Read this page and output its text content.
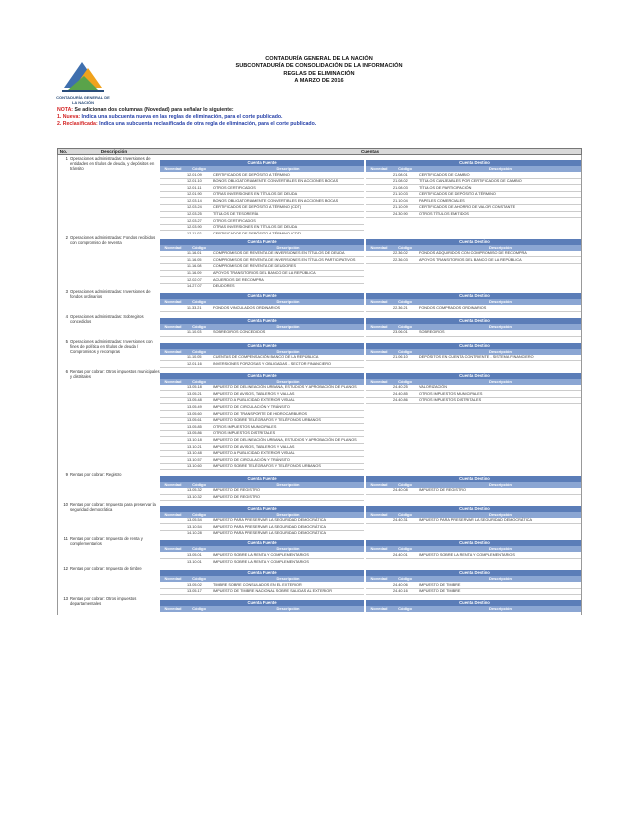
CONTADURÍA GENERAL DE LA NACIÓN
CONTADURÍA GENERAL DE LA NACIÓN
SUBCONTADURÍA DE CONSOLIDACIÓN DE LA INFORMACIÓN
REGLAS DE ELIMINACIÓN
A MARZO DE 2016
NOTA: Se adicionan dos columnas (Novedad) para señalar lo siguiente:
1. Nueva: Indica una subcuenta nueva en las reglas de eliminación, para el corte publicado.
2. Reclasificada: Indica una subcuenta reclasificada de otra regla de eliminación, para el corte publicado.
No.	Descripción	Cuentas
1 Operaciones administradas: Inversiones de entidades en títulos de deuda, y depósitos en tránsito
Cuenta Fuente
Novedad	Código	Descripción
12.01.09	CERTIFICADOS DE DEPÓSITO A TÉRMINO
12.01.10	BONOS OBLIGATORIAMENTE CONVERTIBLES EN ACCIONES BOCAS
12.01.11	OTROS CERTIFICADOS
12.01.90	OTRAS INVERSIONES EN TÍTULOS DE DEUDA
12.03.14	BONOS OBLIGATORIAMENTE CONVERTIBLES EN ACCIONES BOCAS
12.03.24	CERTIFICADOS DE DEPÓSITO A TÉRMINO (CDT)
12.03.25	TÍTULOS DE TESORERÍA
12.03.27	OTROS CERTIFICADOS
12.03.90	OTRAS INVERSIONES EN TÍTULOS DE DEUDA
Cuenta Destino
Novedad	Código	Descripción
21.08.01	CERTIFICADOS DE CAMBIO
21.08.02	TÍTULOS CANJEABLES POR CERTIFICADOS DE CAMBIO
21.08.03	TÍTULOS DE PARTICIPACIÓN
21.10.03	CERTIFICADOS DE DEPÓSITO A TÉRMINO
21.10.04	PAPELES COMERCIALES
21.10.09	CERTIFICADOS DE AHORRO DE VALOR CONSTANTE
24.30.90	OTROS TÍTULOS EMITIDOS
2 Operaciones administradas: Fondos recibidos con compromiso de reventa	Cuenta Fuente
Novedad	Código	Descripción
11.16.01	COMPROMISOS DE REVENTA DE INVERSIONES EN TÍTULOS DE DEUDA
11.16.05	COMPROMISOS DE REVENTA DE INVERSIONES EN TÍTULOS PARTICIPATIVOS
11.16.08	COMPROMISOS DE REVENTA DE DEUDORES
11.16.09	APOYOS TRANSITORIOS DEL BANCO DE LA REPÚBLICA
12.02.07	ACUERDOS DE RECOMPRA
14.27.07	DEUDORES
Cuenta Destino
Novedad	Código	Descripción
22.36.02	FONDOS ADQUIRIDOS CON COMPROMISO DE RECOMPRA
22.36.03	APOYOS TRANSITORIOS DEL BANCO DE LA REPÚBLICA
3 Operaciones administradas: Inversiones de fondos ordinarios	Cuenta Fuente
Novedad	Código	Descripción
11.33.21	FONDOS VINCULADOS ORDINARIOS
Cuenta Destino
Novedad	Código	Descripción
22.36.21	FONDOS COMPRADOS ORDINARIOS
4 Operaciones administradas: Sobregiros concedidos	Cuenta Fuente
Novedad	Código	Descripción
11.10.03	SOBREGIROS CONCEDIDOS
Cuenta Destino
Novedad	Código	Descripción
23.06.01	SOBREGIROS
5 Operaciones administradas: Inversiones con fines de política en títulos de deuda / Compromisos y recompras
Cuenta Fuente
Novedad	Código	Descripción
11.10.05	CUENTAS DE COMPENSACIÓN BANCO DE LA REPÚBLICA
12.01.16	INVERSIONES FORZOSAS Y OBLIGADAS - SECTOR FINANCIERO
Cuenta Destino
Novedad	Código	Descripción
21.06.10	DEPÓSITOS EN CUENTA CONTRIENTE - SISTEMA FINANCIERO
6 Rentas por cobrar: Otros impuestos municipales y distritales	Cuenta Fuente
Novedad	Código	Descripción
13.05.18	IMPUESTO DE DELINEACIÓN URBANA, ESTUDIOS Y APROBACIÓN DE PLANOS
13.05.21	IMPUESTO DE AVISOS, TABLEROS Y VALLAS
13.05.48	IMPUESTO A PUBLICIDAD EXTERIOR VISUAL
13.05.49	IMPUESTO DE CIRCULACIÓN Y TRÁNSITO
13.05.60	IMPUESTO DE TRANSPORTE DE HIDROCARBUROS
13.05.61	IMPUESTO SOBRE TELÉGRAFOS Y TELÉFONOS URBANOS
13.05.85	OTROS IMPUESTOS MUNICIPALES
13.05.86	OTROS IMPUESTOS DISTRITALES
13.10.18	IMPUESTO DE DELINEACIÓN URBANA, ESTUDIOS Y APROBACIÓN DE PLANOS
13.10.21	IMPUESTO DE AVISOS, TABLEROS Y VALLAS
13.10.48	IMPUESTO A PUBLICIDAD EXTERIOR VISUAL
13.10.57	IMPUESTO DE CIRCULACIÓN Y TRÁNSITO
13.10.60	IMPUESTO SOBRE TELÉGRAFOS Y TELÉFONOS URBANOS
Cuenta Destino
Novedad	Código	Descripción
24.40.25	VALORIZACIÓN
24.40.85	OTROS IMPUESTOS MUNICIPALES
24.40.86	OTROS IMPUESTOS DISTRITALES
9 Rentas por cobrar: Registro
Cuenta Fuente
Novedad	Código	Descripción
13.05.32	IMPUESTO DE REGISTRO
13.10.32	IMPUESTO DE REGISTRO
Cuenta Destino
Novedad	Código	Descripción
24.40.08	IMPUESTO DE REGISTRO
10 Rentas por cobrar: Impuesto para preservar la seguridad democrática	Cuenta Fuente
Novedad	Código	Descripción
13.05.54	IMPUESTO PARA PRESERVAR LA SEGURIDAD DEMOCRÁTICA
13.10.54	IMPUESTO PARA PRESERVAR LA SEGURIDAD DEMOCRÁTICA
14.10.28	IMPUESTO PARA PRESERVAR LA SEGURIDAD DEMOCRÁTICA
Cuenta Destino
Novedad	Código	Descripción
24.40.31	IMPUESTO PARA PRESERVAR LA SEGURIDAD DEMOCRÁTICA
11 Rentas por cobrar: Impuesto de renta y complementarios	Cuenta Fuente
Novedad	Código	Descripción
13.05.01	IMPUESTO SOBRE LA RENTA Y COMPLEMENTARIOS
13.10.01	IMPUESTO SOBRE LA RENTA Y COMPLEMENTARIOS
Cuenta Destino
Novedad	Código	Descripción
24.40.01	IMPUESTO SOBRE LA RENTA Y COMPLEMENTARIOS
12 Rentas por cobrar: Impuesto de timbre
Cuenta Fuente
Novedad	Código	Descripción
13.05.02	TIMBRE SOBRE CONSULADOS EN EL EXTERIOR
13.05.17	IMPUESTO DE TIMBRE NACIONAL SOBRE SALIDAS AL EXTERIOR
Cuenta Destino
Novedad	Código	Descripción
24.40.06	IMPUESTO DE TIMBRE
24.40.16	IMPUESTO DE TIMBRE
13 Rentas por cobrar: Otros impuestos departamentales	Cuenta Fuente
Novedad	Código	Descripción
Cuenta Destino
Novedad	Código	Descripción
